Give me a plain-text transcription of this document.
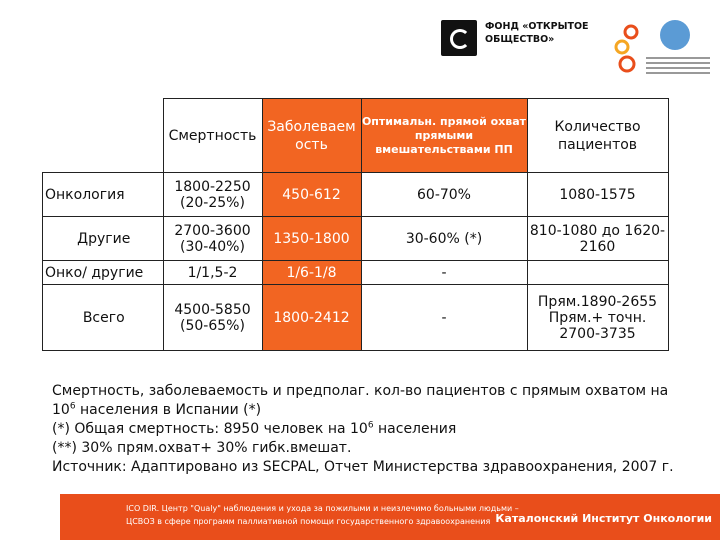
ФОНД «ОТКРЫТОЕ
ОБЩЕСТВО»
	Смертность	Заболеваем ость	Оптимальн. прямой охват прямыми вмешательствами ПП	Количество пациентов
Онкология	1800-2250 (20-25%)	450-612	60-70%	1080-1575
Другие	2700-3600 (30-40%)	1350-1800	30-60% (*)	810-1080 до 1620-2160
Онко/ другие	1/1,5-2	1/6-1/8	-	
Всего	4500-5850 (50-65%)	1800-2412	-	Прям.1890-2655 Прям.+ точн. 2700-3735
Смертность, заболеваемость и предполаг. кол-во пациентов с прямым охватом на
$10^6$ населения в Испании (*)
(*) Общая смертность: 8950 человек на $10^6$ населения
(**) 30% прям.охват+ 30% гибк.вмешат.
Источник: Адаптировано из SECPAL, Отчет Министерства здравоохранения, 2007 г.
ICO DIR. Центр "Qualy" наблюдения и ухода за пожилыми и неизлечимо больными людьми –
ЦСВОЗ в сфере программ паллиативной помощи государственного здравоохранения Каталонский Институт Онкологии
